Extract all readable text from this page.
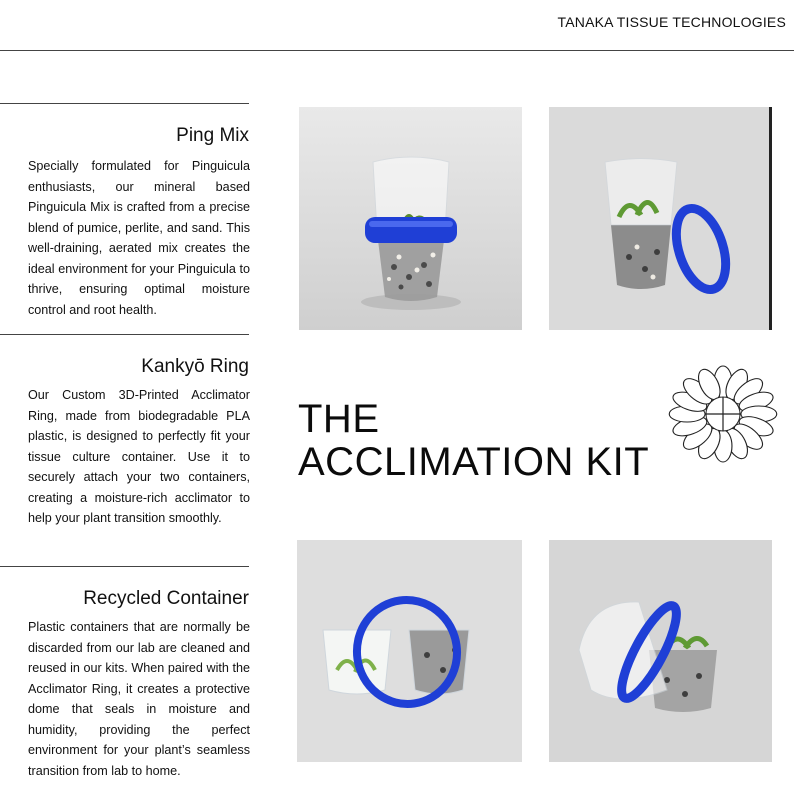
TANAKA TISSUE TECHNOLOGIES
Ping Mix
Specially formulated for Pinguicula enthusiasts, our mineral based Pinguicula Mix is crafted from a precise blend of pumice, perlite, and sand. This well-draining, aerated mix creates the ideal environment for your Pinguicula to thrive, ensuring optimal moisture control and root health.
Kankyō Ring
Our Custom 3D-Printed Acclimator Ring, made from biodegradable PLA plastic, is designed to perfectly fit your tissue culture container. Use it to securely attach your two containers, creating a moisture-rich acclimator to help your plant transition smoothly.
Recycled Container
Plastic containers that are normally be discarded from our lab are cleaned and reused in our kits. When paired with the Acclimator Ring, it creates a protective dome that seals in moisture and humidity, providing the perfect environment for your plant’s seamless transition from lab to home.
THE
ACCLIMATION KIT
